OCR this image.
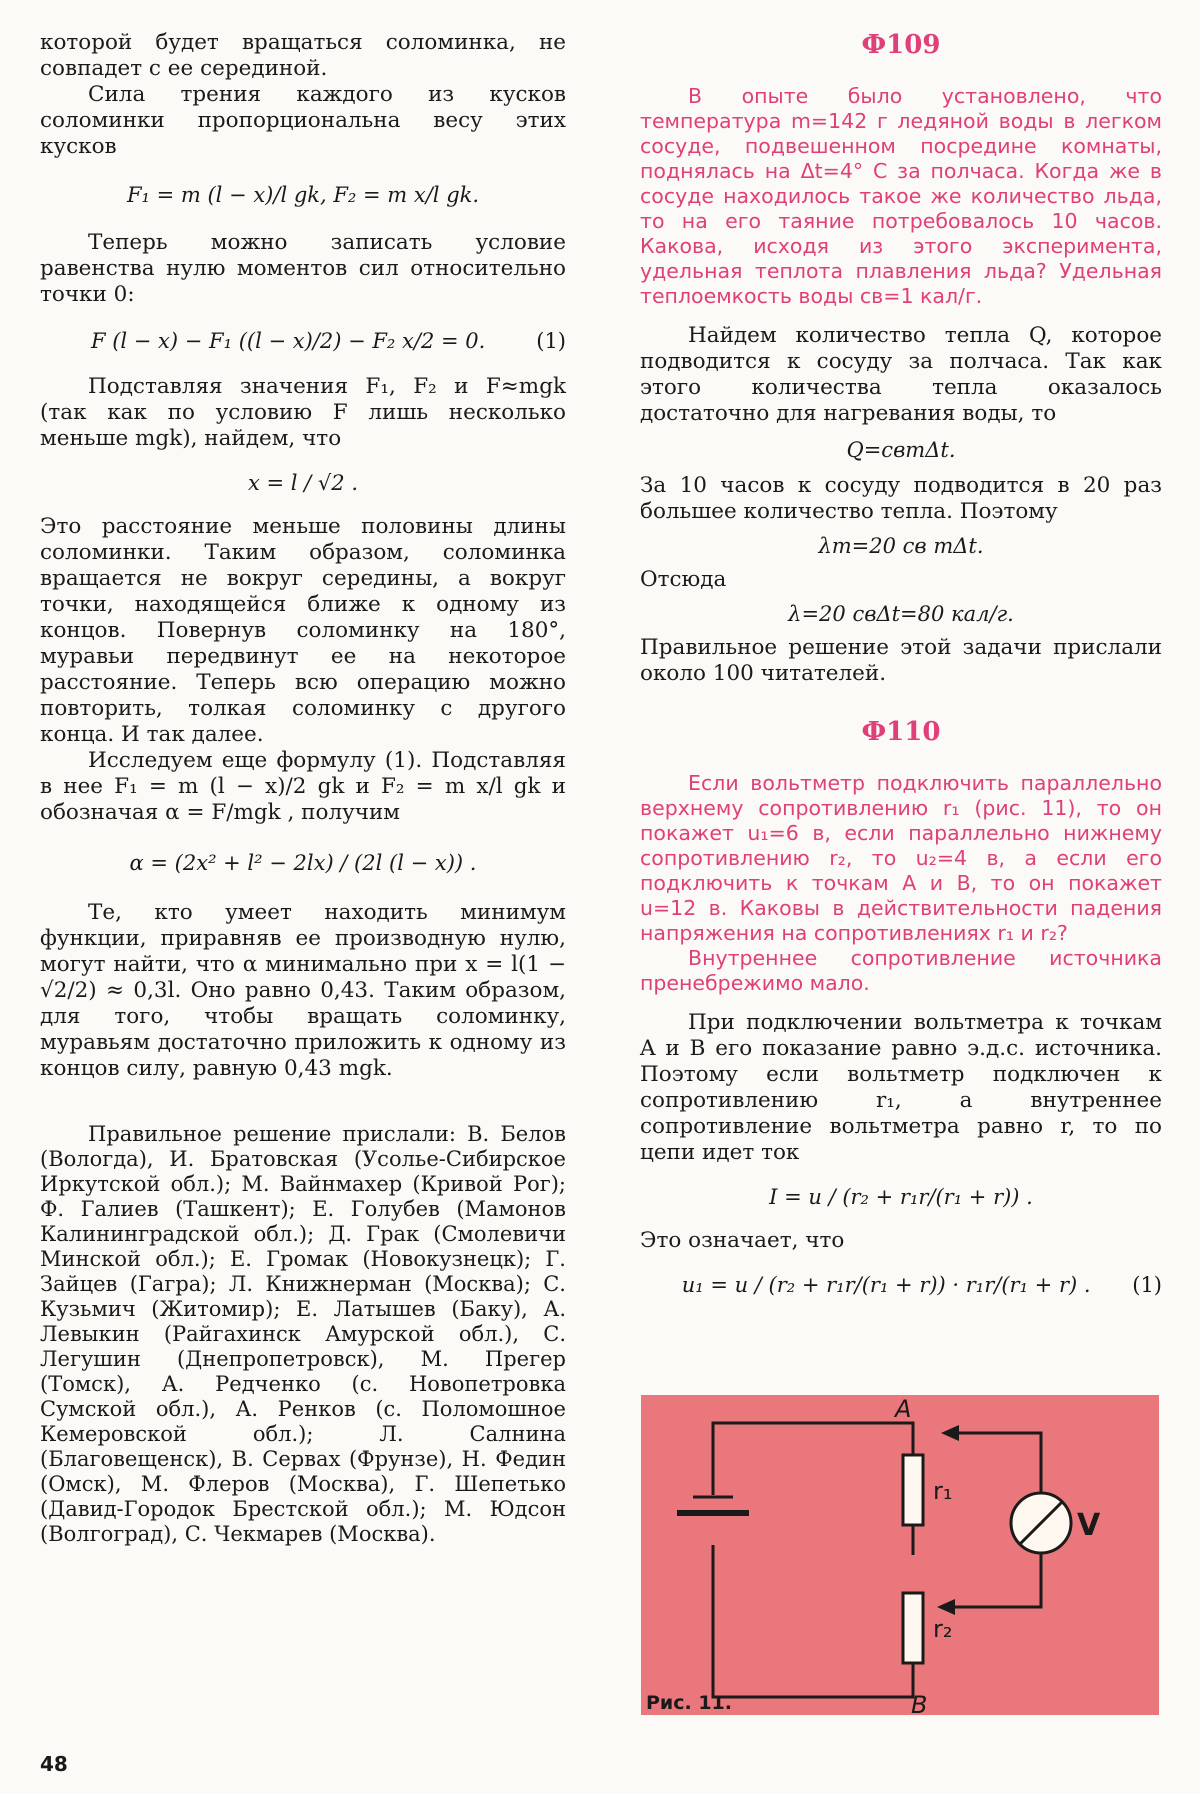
которой будет вращаться соломинка, не совпадет с ее серединой.

Сила трения каждого из кусков соломинки пропорциональна весу этих кусков

F₁ = m (l − x)/l gk, F₂ = m x/l gk.

Теперь можно записать условие равенства нулю моментов сил относительно точки 0:

F (l − x) − F₁ ((l − x)/2) − F₂ x/2 = 0. (1)

Подставляя значения F₁, F₂ и F≈mgk (так как по условию F лишь несколько меньше mgk), найдем, что

x = l / √2 .

Это расстояние меньше половины длины соломинки. Таким образом, соломинка вращается не вокруг середины, а вокруг точки, находящейся ближе к одному из концов. Повернув соломинку на 180°, муравьи передвинут ее на некоторое расстояние. Теперь всю операцию можно повторить, толкая соломинку с другого конца. И так далее.

Исследуем еще формулу (1). Подставляя в нее F₁ = m (l − x)/2 gk и F₂ = m x/l gk и обозначая α = F/mgk , получим

α = (2x² + l² − 2lx) / (2l (l − x)) .

Те, кто умеет находить минимум функции, приравняв ее производную нулю, могут найти, что α минимально при x = l(1 − √2/2) ≈ 0,3l. Оно равно 0,43. Таким образом, для того, чтобы вращать соломинку, муравьям достаточно приложить к одному из концов силу, равную 0,43 mgk.

Правильное решение прислали: В. Белов (Вологда), И. Братовская (Усолье-Сибирское Иркутской обл.); М. Вайнмахер (Кривой Рог); Ф. Галиев (Ташкент); Е. Голубев (Мамонов Калининградской обл.); Д. Грак (Смолевичи Минской обл.); Е. Громак (Новокузнецк); Г. Зайцев (Гагра); Л. Книжнерман (Москва); С. Кузьмич (Житомир); Е. Латышев (Баку), А. Левыкин (Райгахинск Амурской обл.), С. Легушин (Днепропетровск), М. Прегер (Томск), А. Редченко (с. Новопетровка Сумской обл.), А. Ренков (с. Поломошное Кемеровской обл.); Л. Салнина (Благовещенск), В. Сервах (Фрунзе), Н. Федин (Омск), М. Флеров (Москва), Г. Шепетько (Давид-Городок Брестской обл.); М. Юдсон (Волгоград), С. Чекмарев (Москва).

Ф109

В опыте было установлено, что температура m=142 г ледяной воды в легком сосуде, подвешенном посредине комнаты, поднялась на Δt=4° С за полчаса. Когда же в сосуде находилось такое же количество льда, то на его таяние потребовалось 10 часов. Какова, исходя из этого эксперимента, удельная теплота плавления льда? Удельная теплоемкость воды cв=1 кал/г.

Найдем количество тепла Q, которое подводится к сосуду за полчаса. Так как этого количества тепла оказалось достаточно для нагревания воды, то

Q=cвmΔt.

За 10 часов к сосуду подводится в 20 раз большее количество тепла. Поэтому

λm=20 cв mΔt.

Отсюда

λ=20 cвΔt=80 кал/г.

Правильное решение этой задачи прислали около 100 читателей.

Ф110

Если вольтметр подключить параллельно верхнему сопротивлению r₁ (рис. 11), то он покажет u₁=6 в, если параллельно нижнему сопротивлению r₂, то u₂=4 в, а если его подключить к точкам A и B, то он покажет u=12 в. Каковы в действительности падения напряжения на сопротивлениях r₁ и r₂?

Внутреннее сопротивление источника пренебрежимо мало.

При подключении вольтметра к точкам A и B его показание равно э.д.с. источника. Поэтому если вольтметр подключен к сопротивлению r₁, а внутреннее сопротивление вольтметра равно r, то по цепи идет ток

I = u / (r₂ + r₁r/(r₁ + r)) .

Это означает, что

u₁ = u / (r₂ + r₁r/(r₁ + r)) · r₁r/(r₁ + r) . (1)
A
B
r₁
r₂
V
Рис. 11.
48
